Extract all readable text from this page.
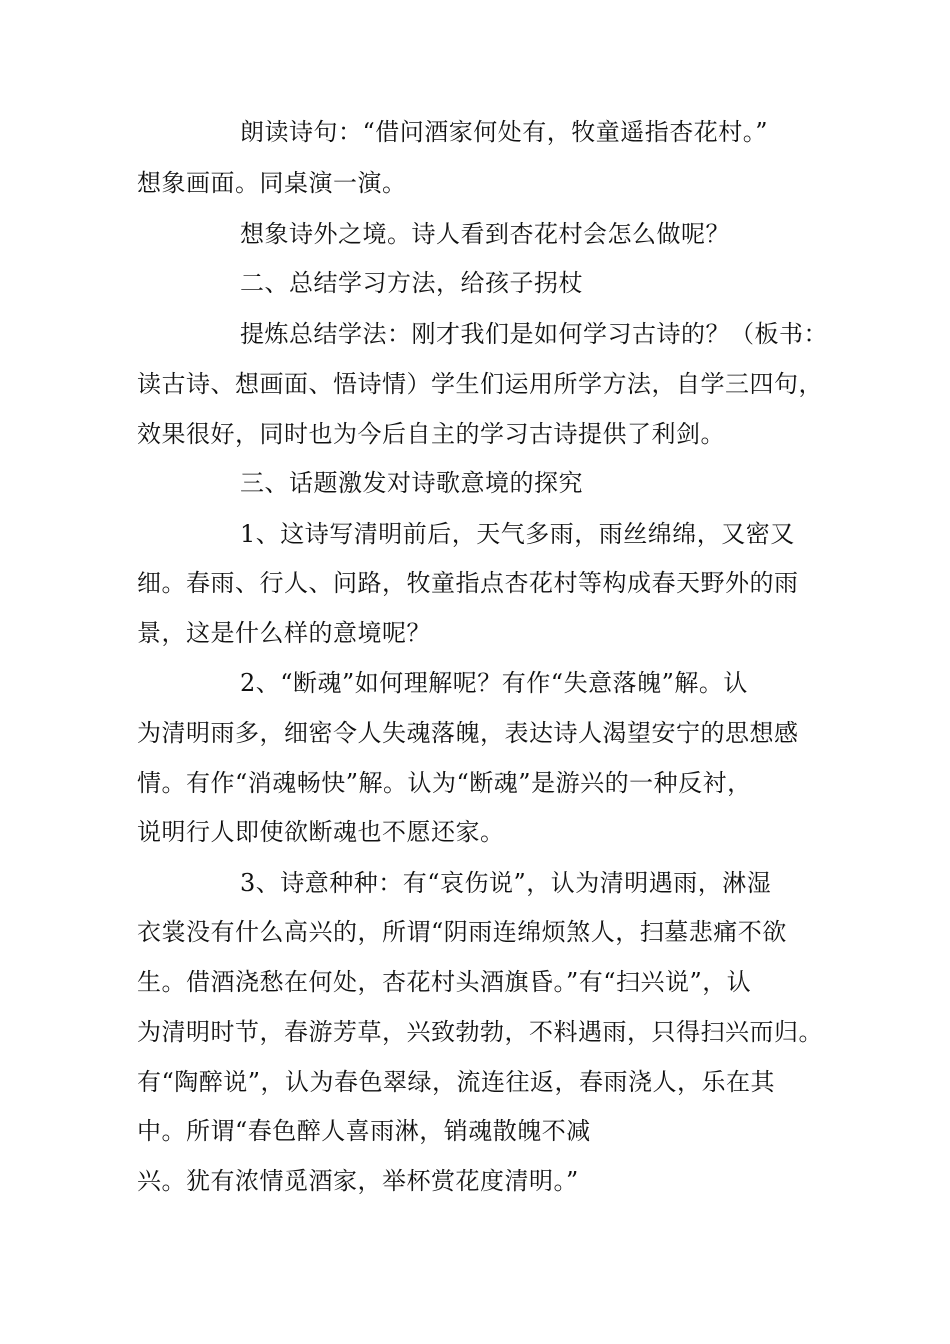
朗读诗句：“借问酒家何处有，牧童遥指杏花村。”
想象画面。同桌演一演。
想象诗外之境。诗人看到杏花村会怎么做呢？
二、总结学习方法，给孩子拐杖
提炼总结学法：刚才我们是如何学习古诗的？（板书：
读古诗、想画面、悟诗情）学生们运用所学方法，自学三四句，
效果很好，同时也为今后自主的学习古诗提供了利剑。
三、话题激发对诗歌意境的探究
1、这诗写清明前后，天气多雨，雨丝绵绵，又密又
细。春雨、行人、问路，牧童指点杏花村等构成春天野外的雨
景，这是什么样的意境呢？
2、“断魂”如何理解呢？有作“失意落魄”解。认
为清明雨多，细密令人失魂落魄，表达诗人渴望安宁的思想感
情。有作“消魂畅快”解。认为“断魂”是游兴的一种反衬，
说明行人即使欲断魂也不愿还家。
3、诗意种种：有“哀伤说”，认为清明遇雨，淋湿
衣裳没有什么高兴的，所谓“阴雨连绵烦煞人，扫墓悲痛不欲
生。借酒浇愁在何处，杏花村头酒旗昏。”有“扫兴说”，认
为清明时节，春游芳草，兴致勃勃，不料遇雨，只得扫兴而归。
有“陶醉说”，认为春色翠绿，流连往返，春雨浇人，乐在其
中。所谓“春色醉人喜雨淋，销魂散魄不减
兴。犹有浓情觅酒家，举杯赏花度清明。”
